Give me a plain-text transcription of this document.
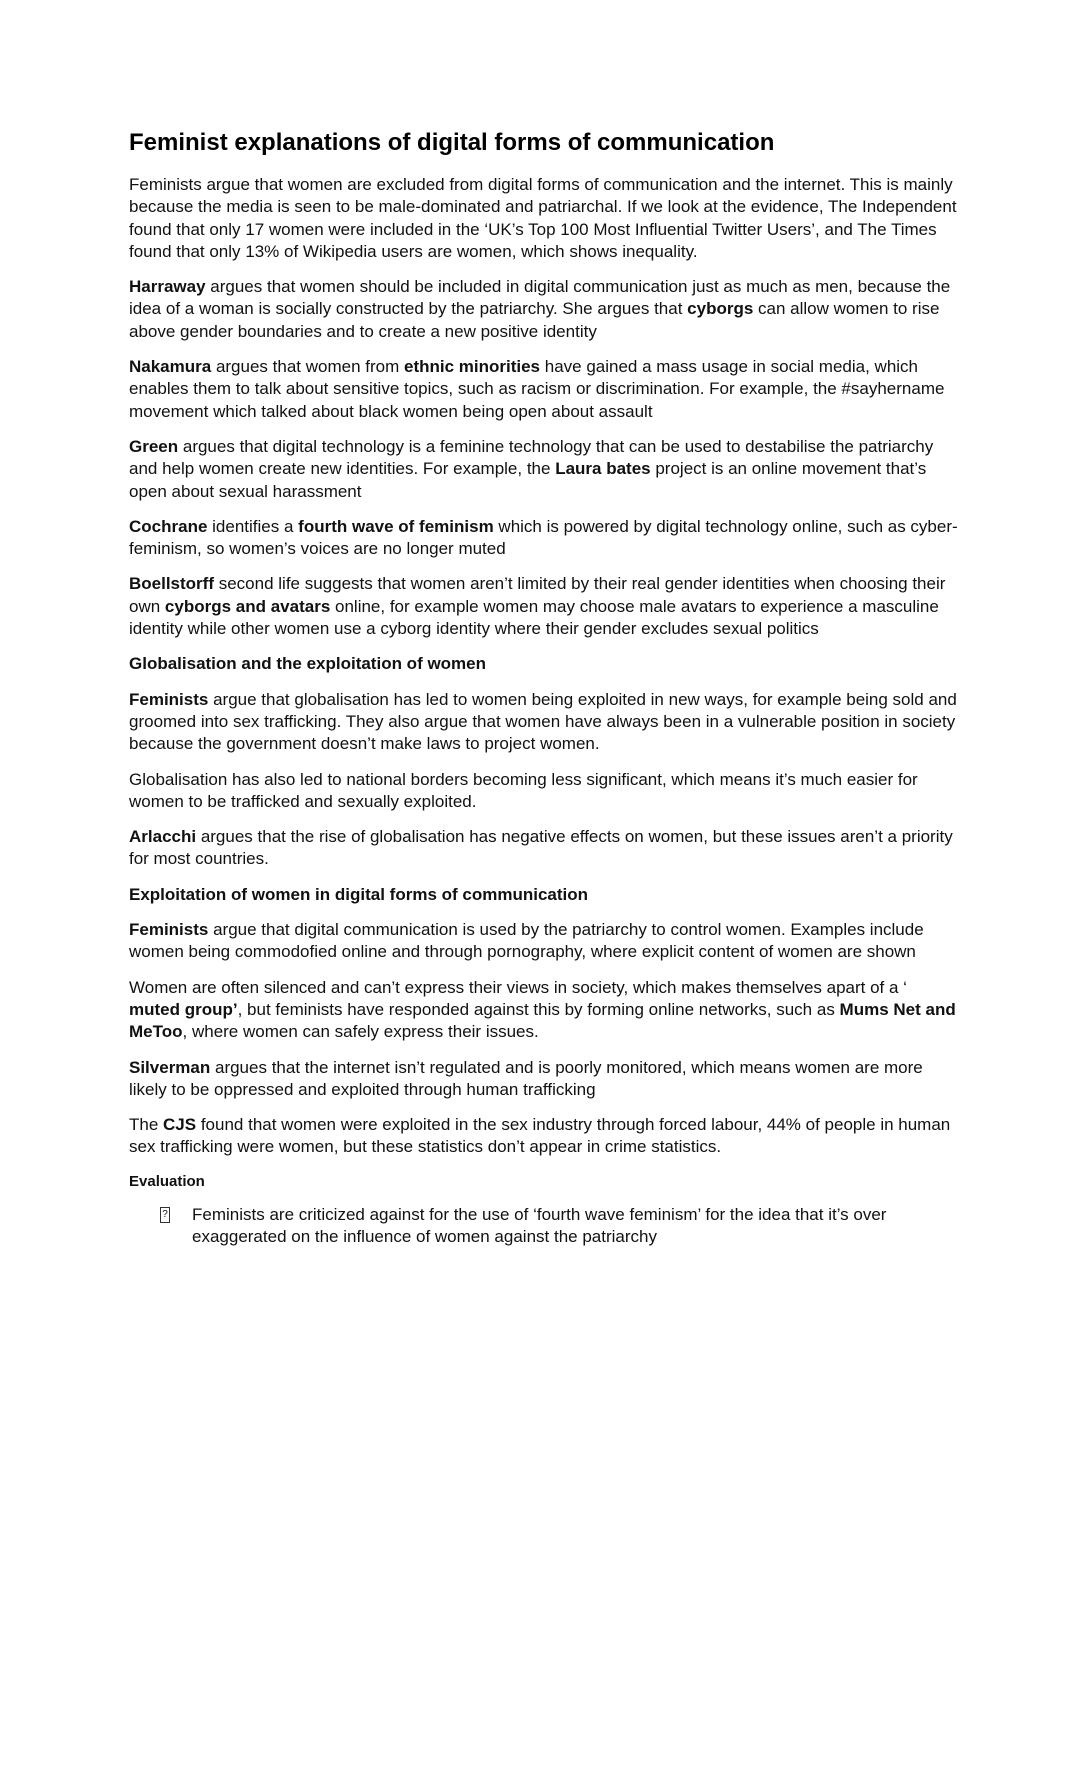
Feminist explanations of digital forms of communication

Feminists argue that women are excluded from digital forms of communication and the internet. This is mainly because the media is seen to be male-dominated and patriarchal. If we look at the evidence, The Independent found that only 17 women were included in the ‘UK’s Top 100 Most Influential Twitter Users’, and The Times found that only 13% of Wikipedia users are women, which shows inequality.

Harraway argues that women should be included in digital communication just as much as men, because the idea of a woman is socially constructed by the patriarchy. She argues that cyborgs can allow women to rise above gender boundaries and to create a new positive identity

Nakamura argues that women from ethnic minorities have gained a mass usage in social media, which enables them to talk about sensitive topics, such as racism or discrimination. For example, the #sayhername movement which talked about black women being open about assault

Green argues that digital technology is a feminine technology that can be used to destabilise the patriarchy and help women create new identities. For example, the Laura bates project is an online movement that’s open about sexual harassment

Cochrane identifies a fourth wave of feminism which is powered by digital technology online, such as cyber-feminism, so women’s voices are no longer muted

Boellstorff second life suggests that women aren’t limited by their real gender identities when choosing their own cyborgs and avatars online, for example women may choose male avatars to experience a masculine identity while other women use a cyborg identity where their gender excludes sexual politics

Globalisation and the exploitation of women

Feminists argue that globalisation has led to women being exploited in new ways, for example being sold and groomed into sex trafficking. They also argue that women have always been in a vulnerable position in society because the government doesn’t make laws to project women.

Globalisation has also led to national borders becoming less significant, which means it’s much easier for women to be trafficked and sexually exploited.

Arlacchi argues that the rise of globalisation has negative effects on women, but these issues aren’t a priority for most countries.

Exploitation of women in digital forms of communication

Feminists argue that digital communication is used by the patriarchy to control women. Examples include women being commodofied online and through pornography, where explicit content of women are shown

Women are often silenced and can’t express their views in society, which makes themselves apart of a ‘ muted group’, but feminists have responded against this by forming online networks, such as Mums Net and MeToo, where women can safely express their issues.

Silverman argues that the internet isn’t regulated and is poorly monitored, which means women are more likely to be oppressed and exploited through human trafficking

The CJS found that women were exploited in the sex industry through forced labour, 44% of people in human sex trafficking were women, but these statistics don’t appear in crime statistics.

Evaluation
? Feminists are criticized against for the use of ‘fourth wave feminism’ for the idea that it’s over exaggerated on the influence of women against the patriarchy
